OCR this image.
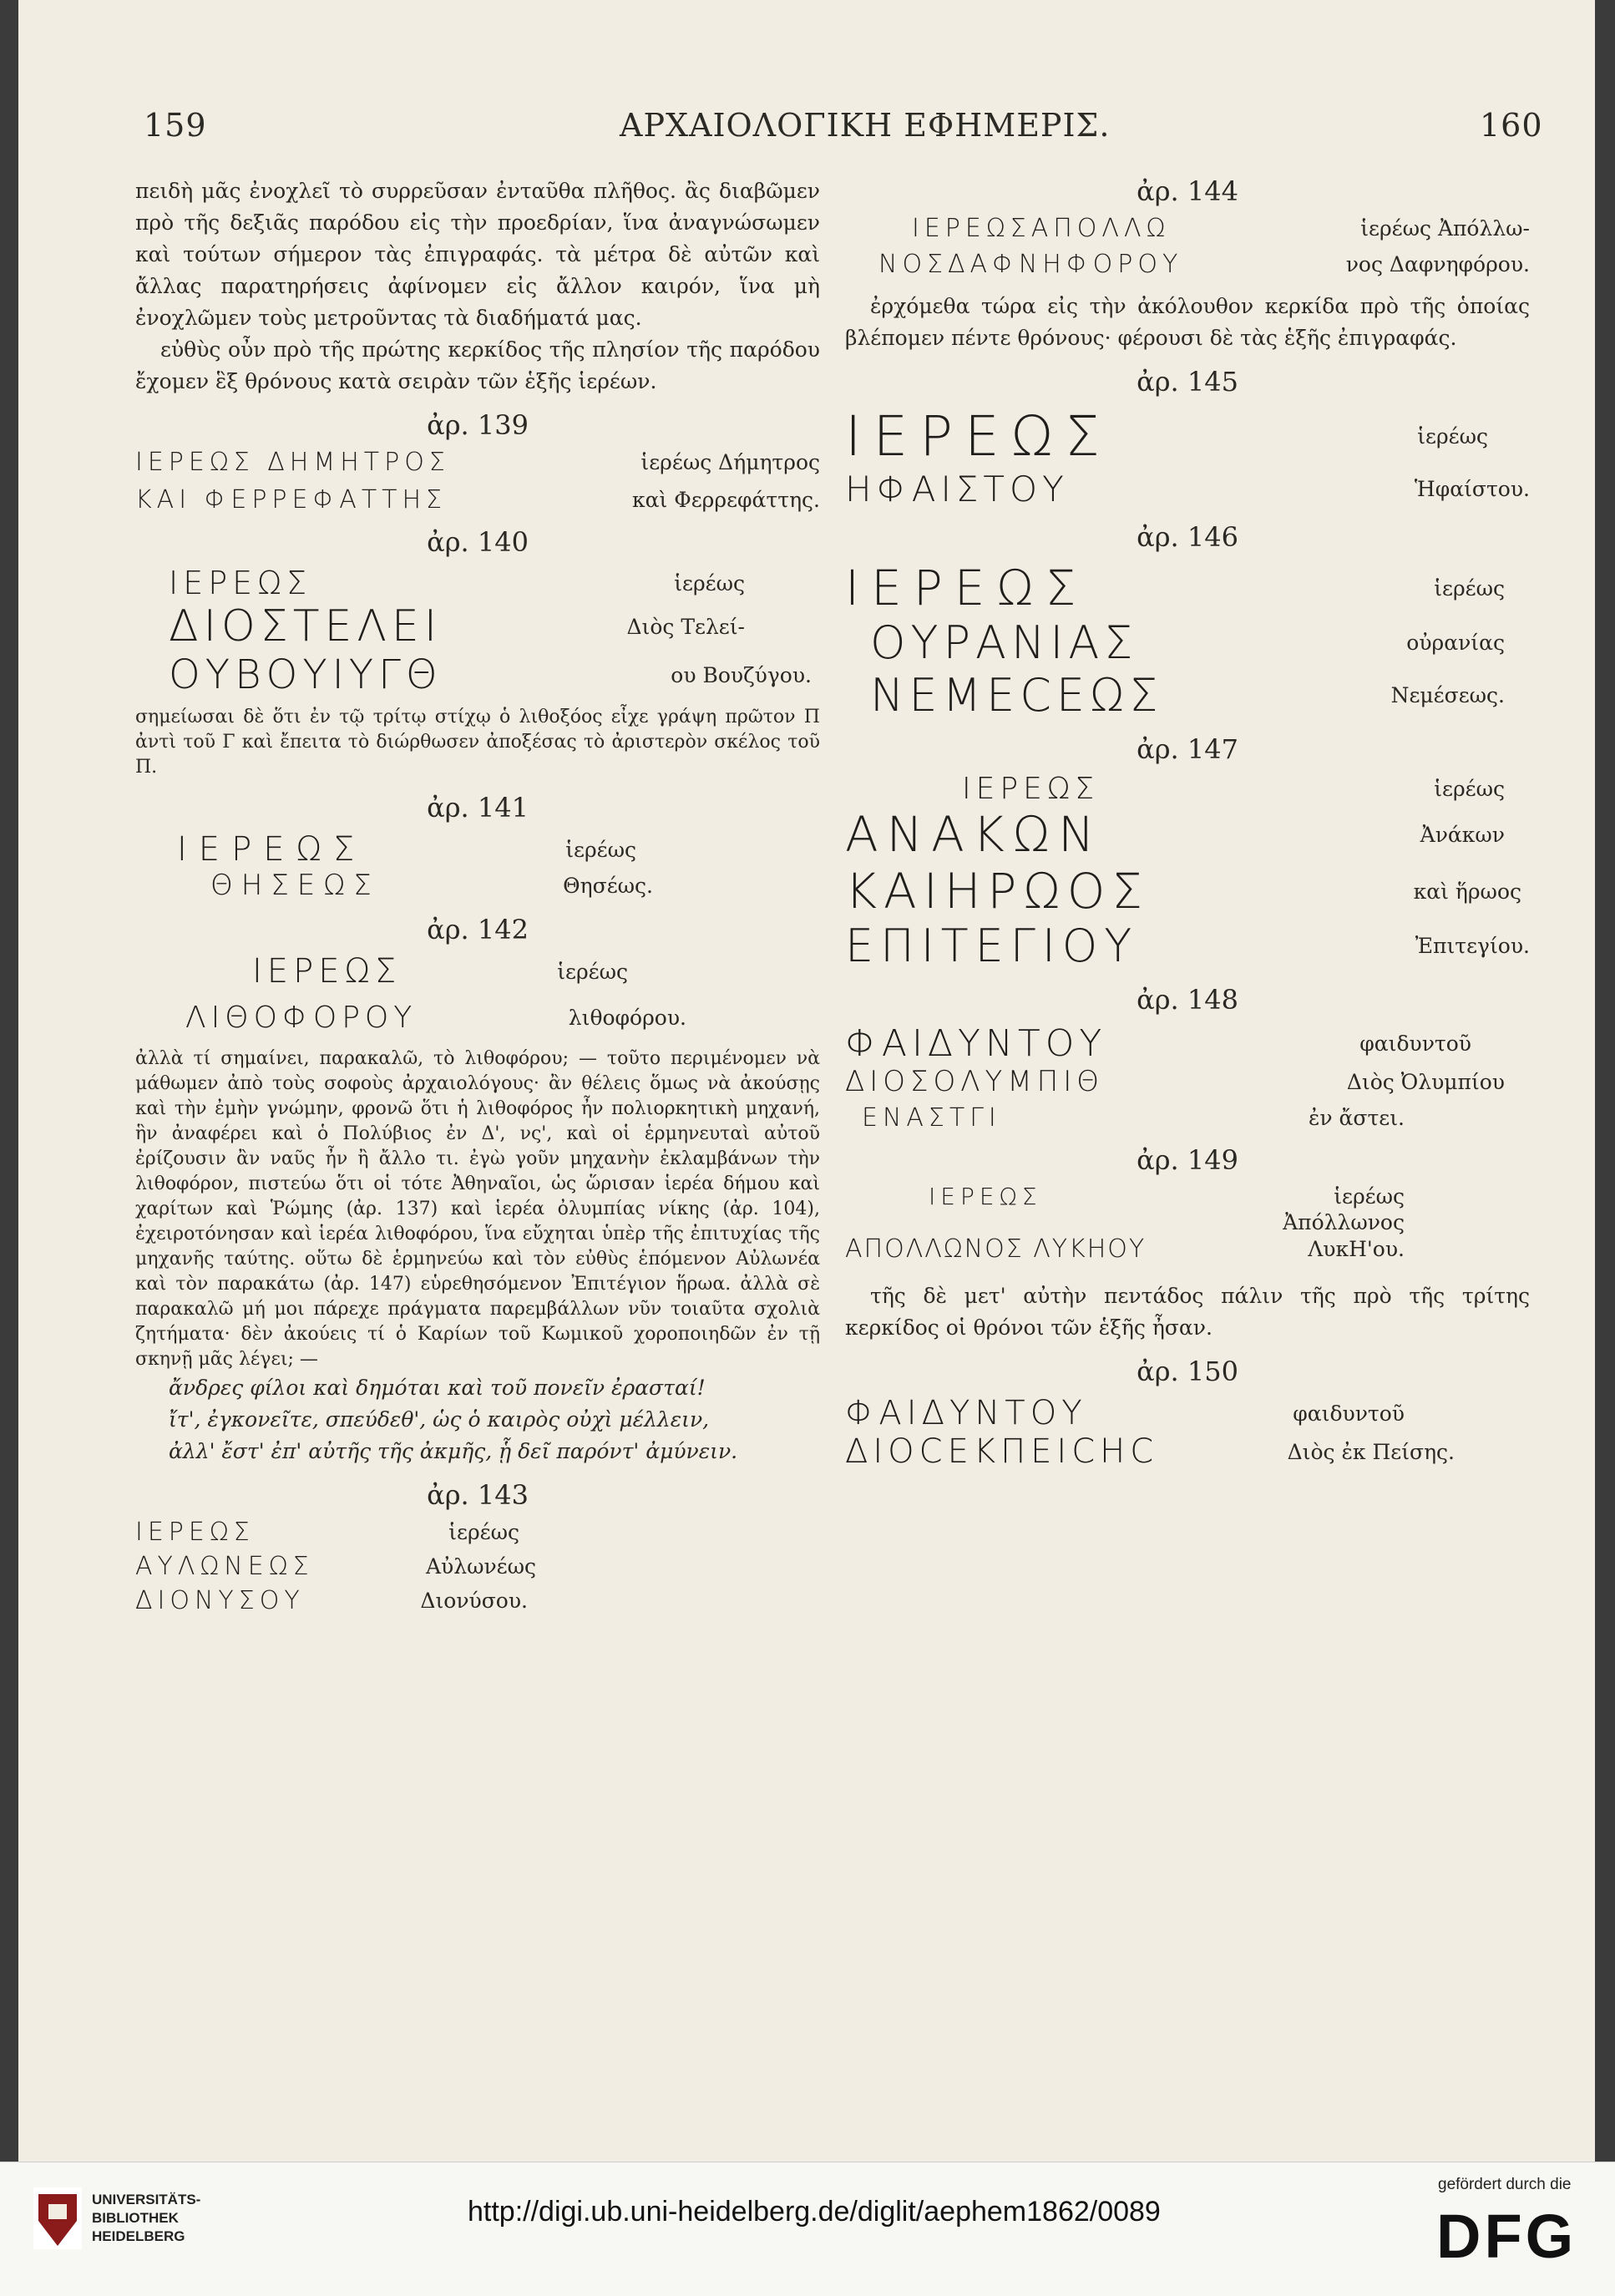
159	ΑΡΧΑΙΟΛΟΓΙΚΗ ΕΦΗΜΕΡΙΣ.	160

πειδὴ μᾶς ἐνοχλεῖ τὸ συρρεῦσαν ἐνταῦθα πλῆθος. ἂς διαβῶμεν πρὸ τῆς δεξιᾶς παρόδου εἰς τὴν προεδρίαν, ἵνα ἀναγνώσωμεν καὶ τούτων σήμερον τὰς ἐπιγραφάς. τὰ μέτρα δὲ αὐτῶν καὶ ἄλλας παρατηρήσεις ἀφίνομεν εἰς ἄλλον καιρόν, ἵνα μὴ ἐνοχλῶμεν τοὺς μετροῦντας τὰ διαδήματά μας.

εὐθὺς οὖν πρὸ τῆς πρώτης κερκίδος τῆς πλησίον τῆς παρόδου ἔχομεν ἓξ θρόνους κατὰ σειρὰν τῶν ἑξῆς ἱερέων.

ἀρ. 139
ΙΕΡΕΩΣ ΔΗΜΗΤΡΟΣ	ἱερέως Δήμητρος
ΚΑΙ ΦΕΡΡΕΦΑΤΤΗΣ	καὶ Φερρεφάττης.
ἀρ. 140
ΙΕΡΕΩΣ	ἱερέως
ΔΙΟΣΤΕΛΕΙ	Διὸς Τελεί-
ΟΥΒΟΥΙΥΓΘ	ου Βουζύγου.

σημείωσαι δὲ ὅτι ἐν τῷ τρίτῳ στίχῳ ὁ λιθοξόος εἶχε γράψη πρῶτον Π ἀντὶ τοῦ Γ καὶ ἔπειτα τὸ διώρθωσεν ἀποξέσας τὸ ἀριστερὸν σκέλος τοῦ Π.

ἀρ. 141
ΙΕΡΕΩΣ	ἱερέως
ΘΗΣΕΩΣ	Θησέως.
ἀρ. 142
ΙΕΡΕΩΣ	ἱερέως
ΛΙΘΟΦΟΡΟΥ	λιθοφόρου.

ἀλλὰ τί σημαίνει, παρακαλῶ, τὸ λιθοφόρου; — τοῦτο περιμένομεν νὰ μάθωμεν ἀπὸ τοὺς σοφοὺς ἀρχαιολόγους· ἂν θέλεις ὅμως νὰ ἀκούσῃς καὶ τὴν ἐμὴν γνώμην, φρονῶ ὅτι ἡ λιθοφόρος ἦν πολιορκητικὴ μηχανή, ἣν ἀναφέρει καὶ ὁ Πολύβιος ἐν Δ', νς', καὶ οἱ ἑρμηνευταὶ αὐτοῦ ἐρίζουσιν ἂν ναῦς ἦν ἢ ἄλλο τι. ἐγὼ γοῦν μηχανὴν ἐκλαμβάνων τὴν λιθοφόρον, πιστεύω ὅτι οἱ τότε Ἀθηναῖοι, ὡς ὥρισαν ἱερέα δήμου καὶ χαρίτων καὶ Ῥώμης (ἀρ. 137) καὶ ἱερέα ὀλυμπίας νίκης (ἀρ. 104), ἐχειροτόνησαν καὶ ἱερέα λιθοφόρου, ἵνα εὔχηται ὑπὲρ τῆς ἐπιτυχίας τῆς μηχανῆς ταύτης. οὕτω δὲ ἑρμηνεύω καὶ τὸν εὐθὺς ἑπόμενον Αὐλωνέα καὶ τὸν παρακάτω (ἀρ. 147) εὑρεθησόμενον Ἐπιτέγιον ἥρωα. ἀλλὰ σὲ παρακαλῶ μή μοι πάρεχε πράγματα παρεμβάλλων νῦν τοιαῦτα σχολιὰ ζητήματα· δὲν ἀκούεις τί ὁ Καρίων τοῦ Κωμικοῦ χοροποιηδῶν ἐν τῇ σκηνῇ μᾶς λέγει; —

ἄνδρες φίλοι καὶ δημόται καὶ τοῦ πονεῖν ἐρασταί!

ἴτ', ἐγκονεῖτε, σπεύδεθ', ὡς ὁ καιρὸς οὐχὶ μέλλειν,

ἀλλ' ἔστ' ἐπ' αὐτῆς τῆς ἀκμῆς, ᾗ δεῖ παρόντ' ἀμύνειν.

ἀρ. 143
ΙΕΡΕΩΣ	ἱερέως
ΑΥΛΩΝΕΩΣ	Αὐλωνέως
ΔΙΟΝΥΣΟΥ	Διονύσου.
ἀρ. 144
ΙΕΡΕΩΣΑΠΟΛΛΩ	ἱερέως Ἀπόλλω-
ΝΟΣΔΑΦΝΗΦΟΡΟΥ	νος Δαφνηφόρου.

ἐρχόμεθα τώρα εἰς τὴν ἀκόλουθον κερκίδα πρὸ τῆς ὁποίας βλέπομεν πέντε θρόνους· φέρουσι δὲ τὰς ἑξῆς ἐπιγραφάς.

ἀρ. 145
ΙΕΡΕΩΣ	ἱερέως
ΗΦΑΙΣΤΟΥ	Ἡφαίστου.
ἀρ. 146
ΙΕΡΕΩΣ	ἱερέως
ΟΥΡΑΝΙΑΣ	οὐρανίας
ΝΕΜΕCΕΩΣ	Νεμέσεως.
ἀρ. 147
ΙΕΡΕΩΣ	ἱερέως
ΑΝΑΚΩΝ	Ἀνάκων
ΚΑΙΗΡΩΟΣ	καὶ ἥρωος
ΕΠΙΤΕΓΙΟΥ	Ἐπιτεγίου.
ἀρ. 148
ΦΑΙΔΥΝΤΟΥ	φαιδυντοῦ
ΔΙΟΣΟΛΥΜΠΙΘ	Διὸς Ὀλυμπίου
ΕΝΑΣΤΓΙ	ἐν ἄστει.
ἀρ. 149
ΙΕΡΕΩΣ	ἱερέως
Ἀπόλλωνος
ΑΠΟΛΛΩΝΟΣ ΛΥΚΗΟΥ	ΛυκΗ'ου.

τῆς δὲ μετ' αὐτὴν πεντάδος πάλιν τῆς πρὸ τῆς τρίτης κερκίδος οἱ θρόνοι τῶν ἑξῆς ἦσαν.

ἀρ. 150
ΦΑΙΔΥΝΤΟΥ	φαιδυντοῦ
ΔΙΟCΕΚΠΕΙCΗC	Διὸς ἐκ Πείσης.
UNIVERSITÄTS-
BIBLIOTHEK
HEIDELBERG
http://digi.ub.uni-heidelberg.de/diglit/aephem1862/0089
gefördert durch die
DFG
